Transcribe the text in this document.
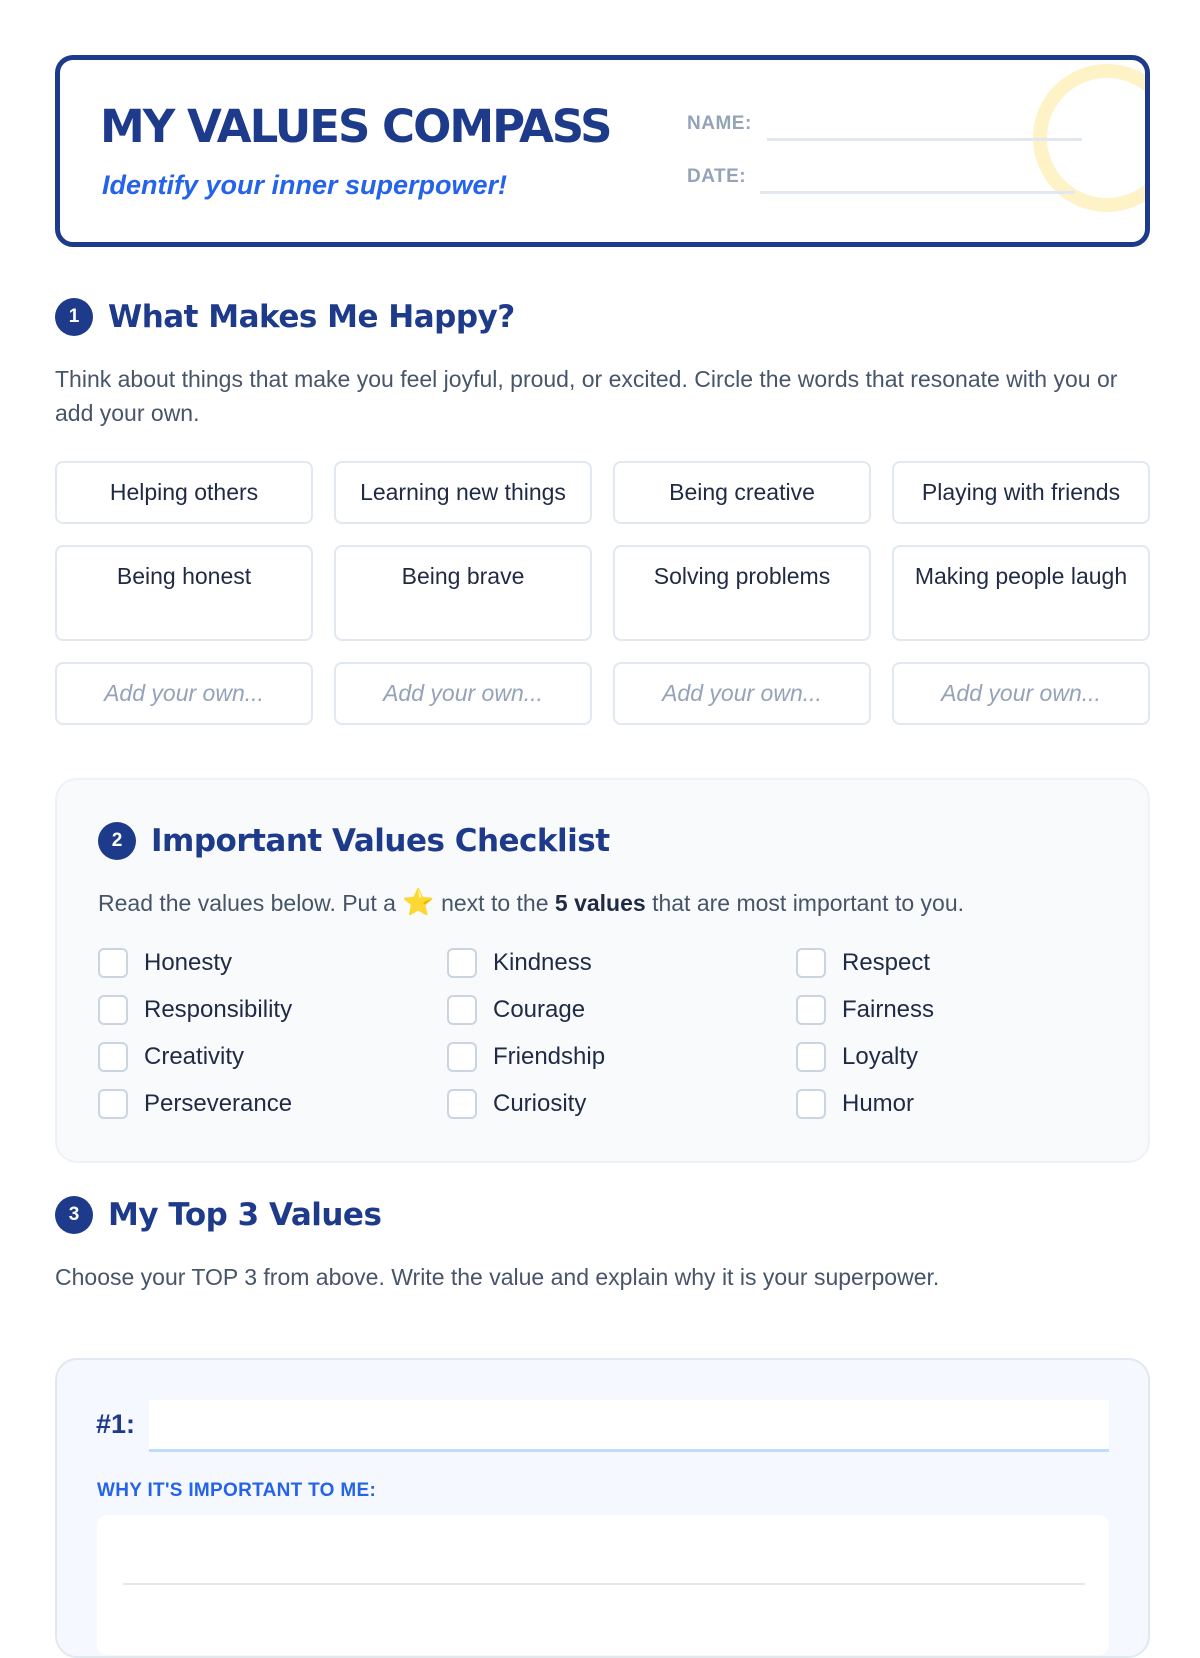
MY VALUES COMPASS
Identify your inner superpower!
NAME:
DATE:
1 What Makes Me Happy?
Think about things that make you feel joyful, proud, or excited. Circle the words that resonate with you or add your own.
Helping others	Learning new things	Being creative	Playing with friends
Being honest	Being brave	Solving problems	Making people laugh
Add your own...	Add your own...	Add your own...	Add your own...
2 Important Values Checklist
Read the values below. Put a ⭐ next to the 5 values that are most important to you.
Honesty	Kindness	Respect
Responsibility	Courage	Fairness
Creativity	Friendship	Loyalty
Perseverance	Curiosity	Humor
3 My Top 3 Values
Choose your TOP 3 from above. Write the value and explain why it is your superpower.
#1:
WHY IT'S IMPORTANT TO ME:
